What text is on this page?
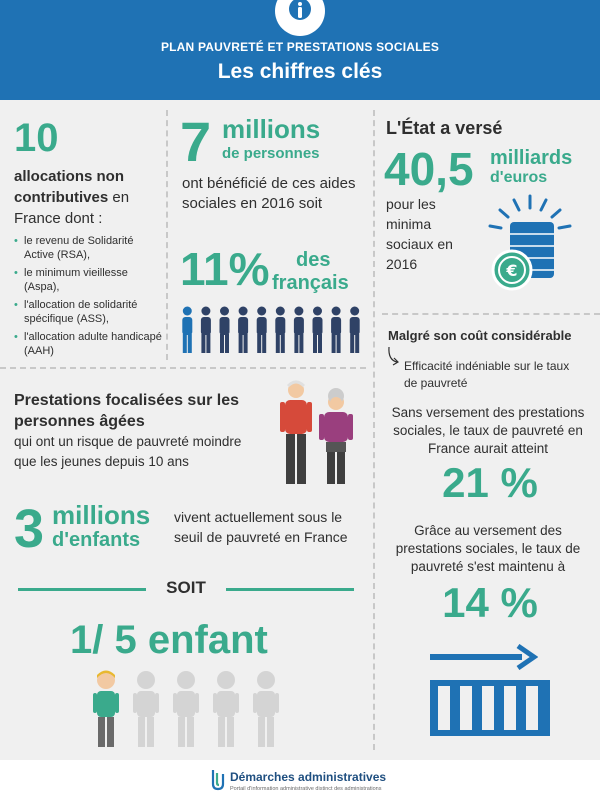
PLAN PAUVRETÉ ET PRESTATIONS SOCIALES
Les chiffres clés
10
allocations non
contributives en
France dont :
• le revenu de Solidarité Active (RSA),
• le minimum vieillesse (Aspa),
• l'allocation de solidarité spécifique (ASS),
• l'allocation adulte handicapé (AAH)
7 millions
de personnes
ont bénéficié de ces aides sociales en 2016 soit
11% des
français
L'État a versé
40,5 milliards
d'euros
pour les minima sociaux en 2016	€
Malgré son coût considérable
Efficacité indéniable sur le taux de pauvreté
Sans versement des prestations sociales, le taux de pauvreté en France aurait atteint
21 %
Grâce au versement des prestations sociales, le taux de pauvreté s'est maintenu à
14 %
Prestations focalisées sur les personnes âgées
qui ont un risque de pauvreté moindre que les jeunes depuis 10 ans
3 millions
d'enfants
vivent actuellement sous le seuil de pauvreté en France
SOIT
1/ 5 enfant
Démarches administratives
Portail d'information administrative distinct des administrations
